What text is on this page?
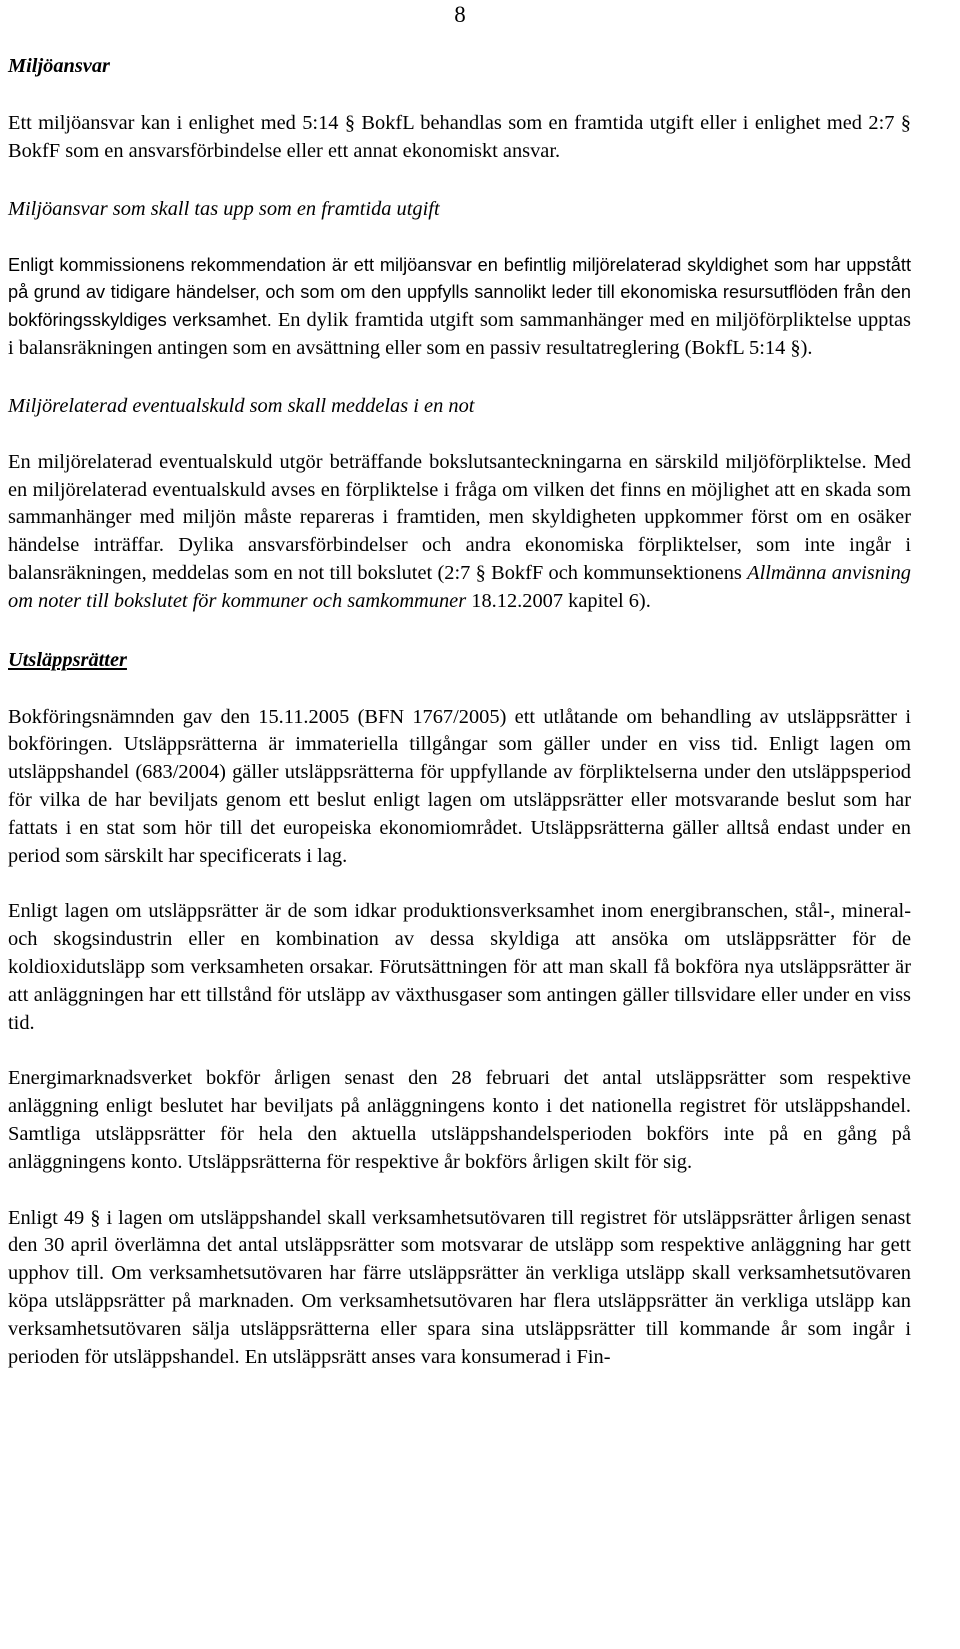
8
Miljöansvar

Ett miljöansvar kan i enlighet med 5:14 § BokfL behandlas som en framtida utgift eller i enlighet med 2:7 § BokfF som en ansvarsförbindelse eller ett annat ekonomiskt ansvar.

Miljöansvar som skall tas upp som en framtida utgift

Enligt kommissionens rekommendation är ett miljöansvar en befintlig miljörelaterad skyldighet som har uppstått på grund av tidigare händelser, och som om den uppfylls sannolikt leder till ekonomiska resursutflöden från den bokföringsskyldiges verksamhet. En dylik framtida utgift som sammanhänger med en miljöförpliktelse upptas i balansräkningen antingen som en avsättning eller som en passiv resultatreglering (BokfL 5:14 §).

Miljörelaterad eventualskuld som skall meddelas i en not

En miljörelaterad eventualskuld utgör beträffande bokslutsanteckningarna en särskild miljöförpliktelse. Med en miljörelaterad eventualskuld avses en förpliktelse i fråga om vilken det finns en möjlighet att en skada som sammanhänger med miljön måste repareras i framtiden, men skyldigheten uppkommer först om en osäker händelse inträffar. Dylika ansvarsförbindelser och andra ekonomiska förpliktelser, som inte ingår i balansräkningen, meddelas som en not till bokslutet (2:7 § BokfF och kommunsektionens Allmänna anvisning om noter till bokslutet för kommuner och samkommuner 18.12.2007 kapitel 6).

Utsläppsrätter

Bokföringsnämnden gav den 15.11.2005 (BFN 1767/2005) ett utlåtande om behandling av utsläppsrätter i bokföringen. Utsläppsrätterna är immateriella tillgångar som gäller under en viss tid. Enligt lagen om utsläppshandel (683/2004) gäller utsläppsrätterna för uppfyllande av förpliktelserna under den utsläppsperiod för vilka de har beviljats genom ett beslut enligt lagen om utsläppsrätter eller motsvarande beslut som har fattats i en stat som hör till det europeiska ekonomiområdet. Utsläppsrätterna gäller alltså endast under en period som särskilt har specificerats i lag.

Enligt lagen om utsläppsrätter är de som idkar produktionsverksamhet inom energibranschen, stål-, mineral- och skogsindustrin eller en kombination av dessa skyldiga att ansöka om utsläppsrätter för de koldioxidutsläpp som verksamheten orsakar. Förutsättningen för att man skall få bokföra nya utsläppsrätter är att anläggningen har ett tillstånd för utsläpp av växthusgaser som antingen gäller tillsvidare eller under en viss tid.

Energimarknadsverket bokför årligen senast den 28 februari det antal utsläppsrätter som respektive anläggning enligt beslutet har beviljats på anläggningens konto i det nationella registret för utsläppshandel. Samtliga utsläppsrätter för hela den aktuella utsläppshandelsperioden bokförs inte på en gång på anläggningens konto. Utsläppsrätterna för respektive år bokförs årligen skilt för sig.

Enligt 49 § i lagen om utsläppshandel skall verksamhetsutövaren till registret för utsläppsrätter årligen senast den 30 april överlämna det antal utsläppsrätter som motsvarar de utsläpp som respektive anläggning har gett upphov till. Om verksamhetsutövaren har färre utsläppsrätter än verkliga utsläpp skall verksamhetsutövaren köpa utsläppsrätter på marknaden. Om verksamhetsutövaren har flera utsläppsrätter än verkliga utsläpp kan verksamhetsutövaren sälja utsläppsrätterna eller spara sina utsläppsrätter till kommande år som ingår i perioden för utsläppshandel. En utsläppsrätt anses vara konsumerad i Fin-
